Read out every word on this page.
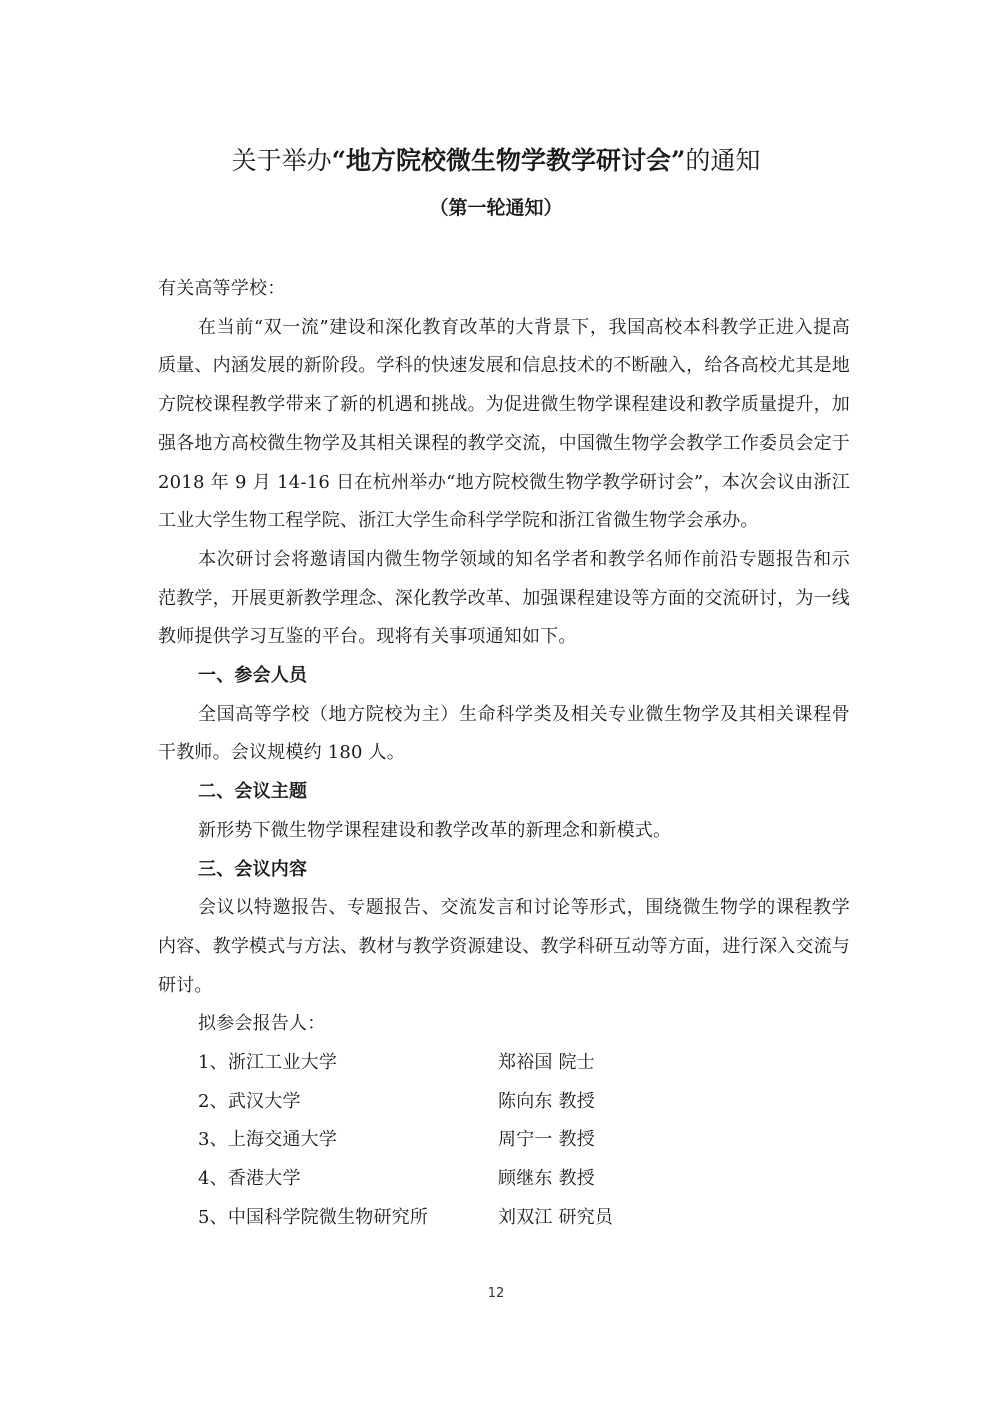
关于举办“地方院校微生物学教学研讨会”的通知
（第一轮通知）

有关高等学校：

在当前“双一流”建设和深化教育改革的大背景下，我国高校本科教学正进入提高质量、内涵发展的新阶段。学科的快速发展和信息技术的不断融入，给各高校尤其是地方院校课程教学带来了新的机遇和挑战。为促进微生物学课程建设和教学质量提升，加强各地方高校微生物学及其相关课程的教学交流，中国微生物学会教学工作委员会定于 2018 年 9 月 14-16 日在杭州举办“地方院校微生物学教学研讨会”，本次会议由浙江工业大学生物工程学院、浙江大学生命科学学院和浙江省微生物学会承办。

本次研讨会将邀请国内微生物学领域的知名学者和教学名师作前沿专题报告和示范教学，开展更新教学理念、深化教学改革、加强课程建设等方面的交流研讨，为一线教师提供学习互鉴的平台。现将有关事项通知如下。

一、参会人员

全国高等学校（地方院校为主）生命科学类及相关专业微生物学及其相关课程骨干教师。会议规模约 180 人。

二、会议主题

新形势下微生物学课程建设和教学改革的新理念和新模式。

三、会议内容

会议以特邀报告、专题报告、交流发言和讨论等形式，围绕微生物学的课程教学内容、教学模式与方法、教材与教学资源建设、教学科研互动等方面，进行深入交流与研讨。

拟参会报告人：

1、浙江工业大学	郑裕国 院士
2、武汉大学	陈向东 教授
3、上海交通大学	周宁一 教授
4、香港大学	顾继东 教授
5、中国科学院微生物研究所	刘双江 研究员
12
